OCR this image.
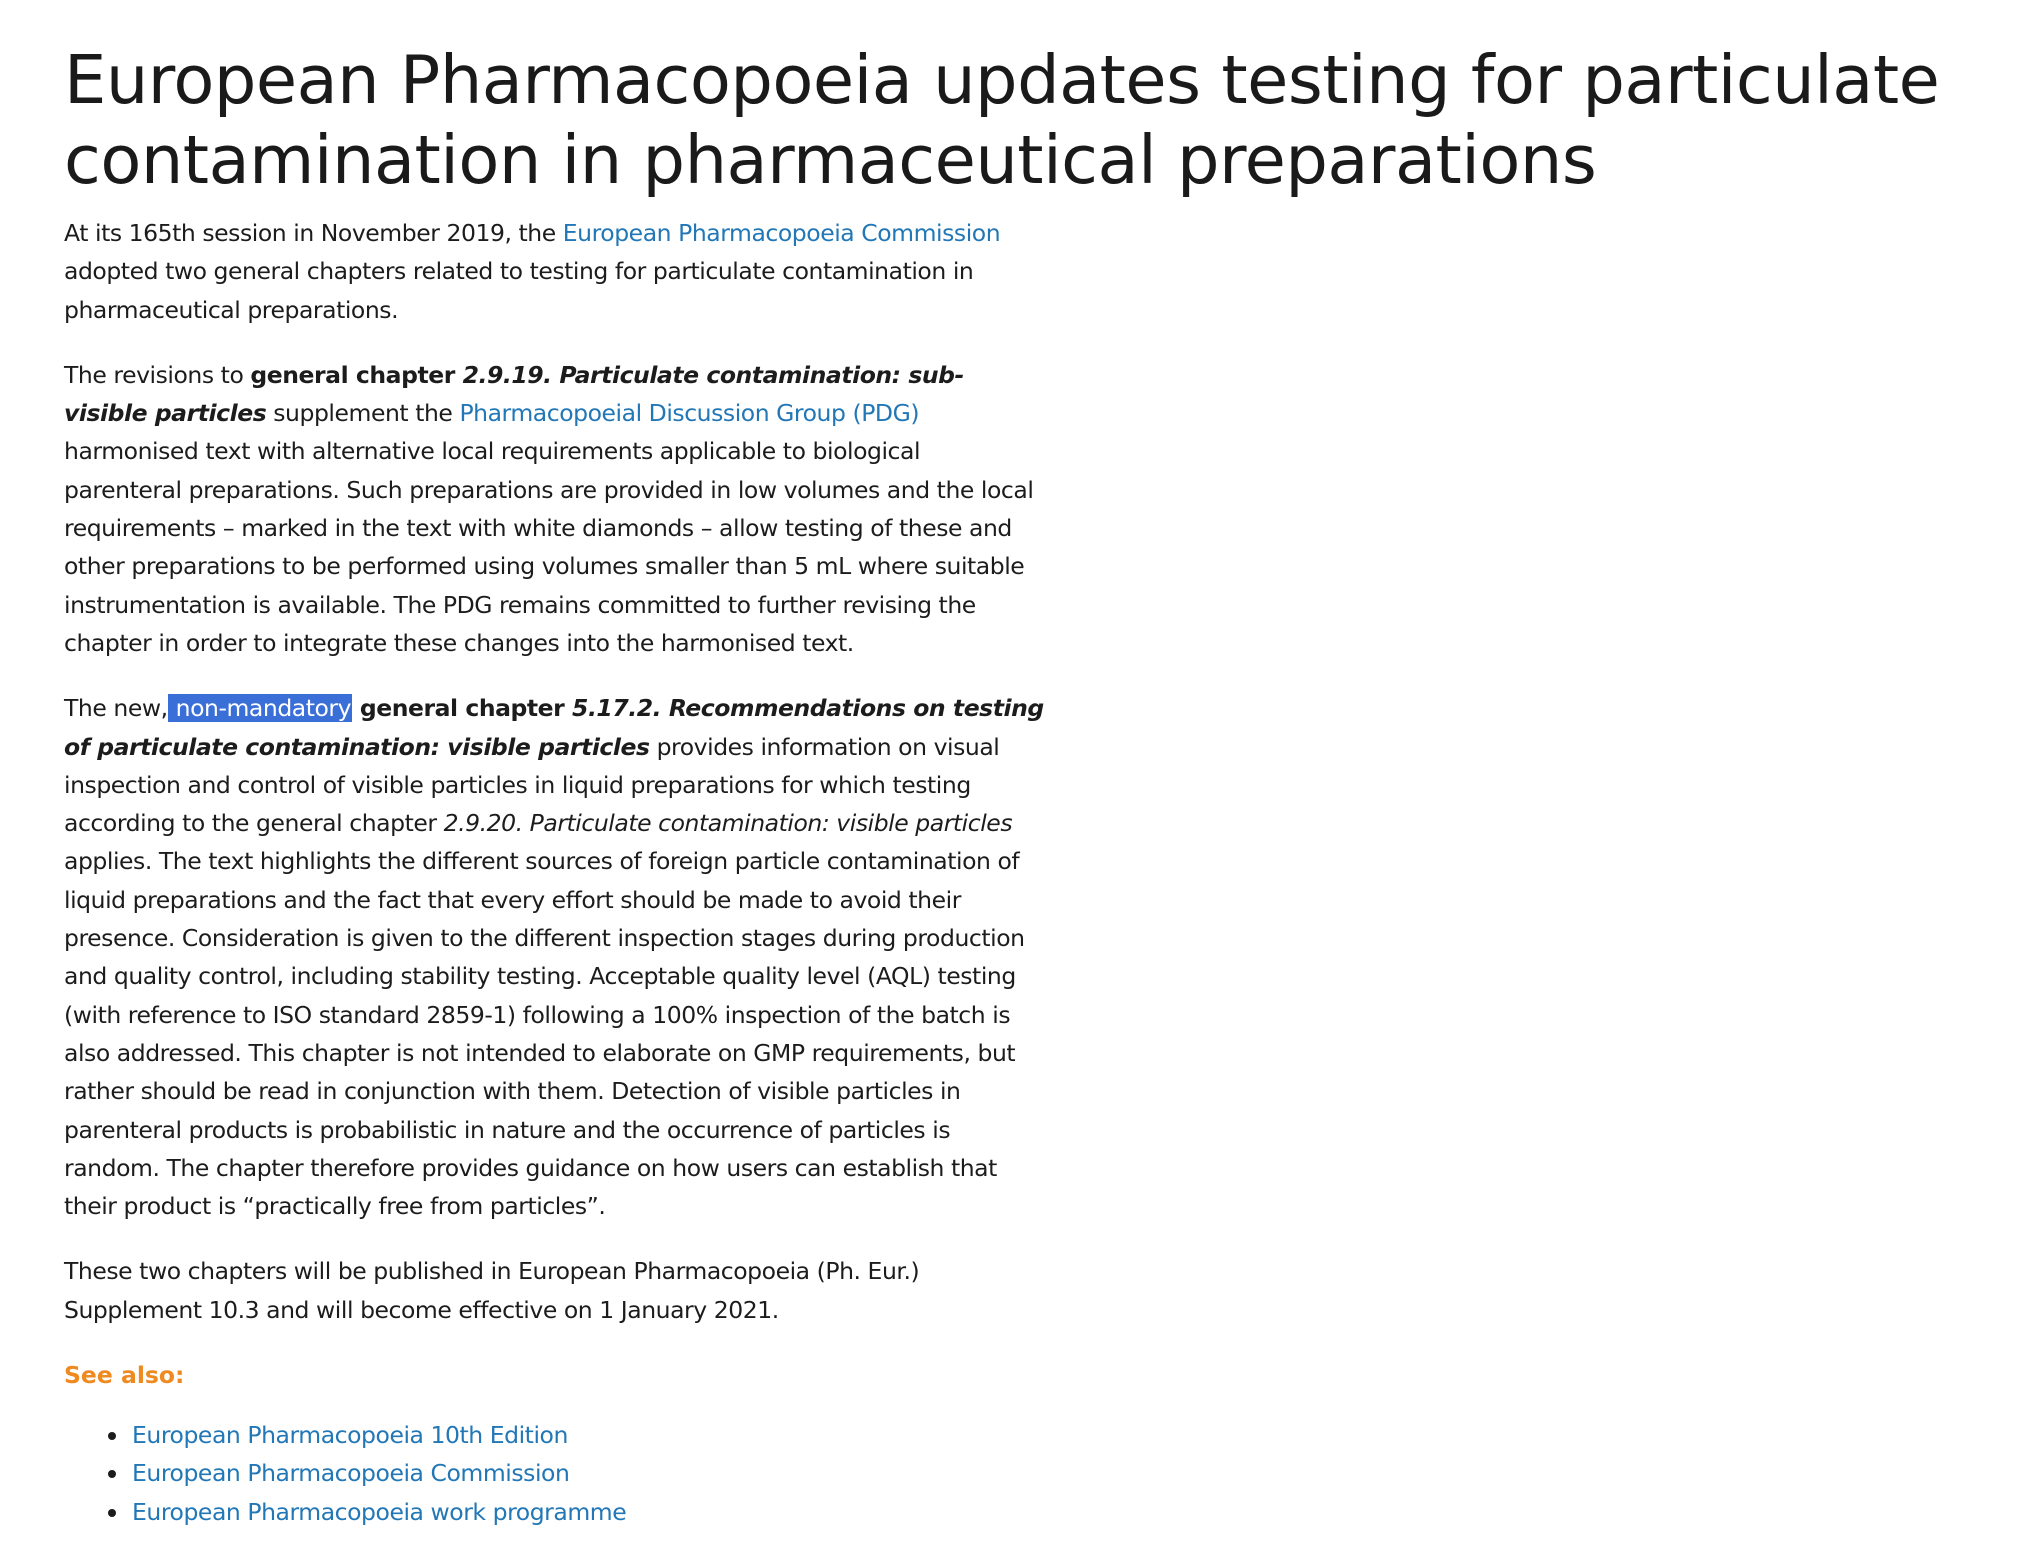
European Pharmacopoeia updates testing for particulate contamination in pharmaceutical preparations

At its 165th session in November 2019, the European Pharmacopoeia Commission adopted two general chapters related to testing for particulate contamination in pharmaceutical preparations.

The revisions to general chapter 2.9.19. Particulate contamination: sub-visible particles supplement the Pharmacopoeial Discussion Group (PDG) harmonised text with alternative local requirements applicable to biological parenteral preparations. Such preparations are provided in low volumes and the local requirements – marked in the text with white diamonds – allow testing of these and other preparations to be performed using volumes smaller than 5 mL where suitable instrumentation is available. The PDG remains committed to further revising the chapter in order to integrate these changes into the harmonised text.

The new, non-mandatory general chapter 5.17.2. Recommendations on testing of particulate contamination: visible particles provides information on visual inspection and control of visible particles in liquid preparations for which testing according to the general chapter 2.9.20. Particulate contamination: visible particles applies. The text highlights the different sources of foreign particle contamination of liquid preparations and the fact that every effort should be made to avoid their presence. Consideration is given to the different inspection stages during production and quality control, including stability testing. Acceptable quality level (AQL) testing (with reference to ISO standard 2859-1) following a 100% inspection of the batch is also addressed. This chapter is not intended to elaborate on GMP requirements, but rather should be read in conjunction with them. Detection of visible particles in parenteral products is probabilistic in nature and the occurrence of particles is random. The chapter therefore provides guidance on how users can establish that their product is “practically free from particles”.

These two chapters will be published in European Pharmacopoeia (Ph. Eur.) Supplement 10.3 and will become effective on 1 January 2021.

See also:
European Pharmacopoeia 10th Edition
European Pharmacopoeia Commission
European Pharmacopoeia work programme
